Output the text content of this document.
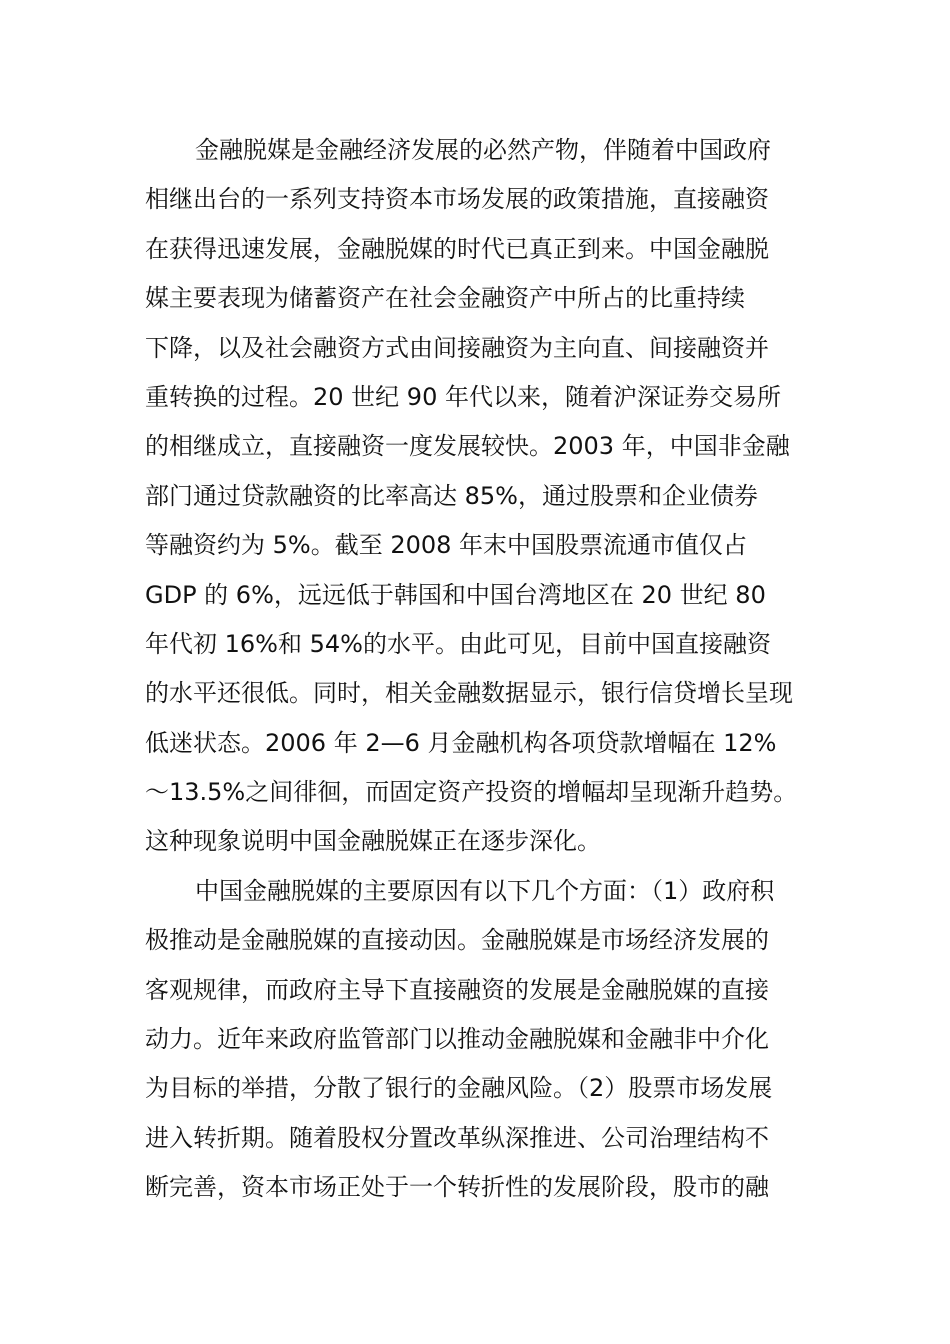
金融脱媒是金融经济发展的必然产物，伴随着中国政府
相继出台的一系列支持资本市场发展的政策措施，直接融资
在获得迅速发展，金融脱媒的时代已真正到来。中国金融脱
媒主要表现为储蓄资产在社会金融资产中所占的比重持续
下降，以及社会融资方式由间接融资为主向直、间接融资并
重转换的过程。20 世纪 90 年代以来，随着沪深证券交易所
的相继成立，直接融资一度发展较快。2003 年，中国非金融
部门通过贷款融资的比率高达 85%，通过股票和企业债券
等融资约为 5%。截至 2008 年末中国股票流通市值仅占
GDP 的 6%，远远低于韩国和中国台湾地区在 20 世纪 80
年代初 16%和 54%的水平。由此可见，目前中国直接融资
的水平还很低。同时，相关金融数据显示，银行信贷增长呈现
低迷状态。2006 年 2—6 月金融机构各项贷款增幅在 12%
～13.5%之间徘徊，而固定资产投资的增幅却呈现渐升趋势。
这种现象说明中国金融脱媒正在逐步深化。
中国金融脱媒的主要原因有以下几个方面：（1）政府积
极推动是金融脱媒的直接动因。金融脱媒是市场经济发展的
客观规律，而政府主导下直接融资的发展是金融脱媒的直接
动力。近年来政府监管部门以推动金融脱媒和金融非中介化
为目标的举措，分散了银行的金融风险。（2）股票市场发展
进入转折期。随着股权分置改革纵深推进、公司治理结构不
断完善，资本市场正处于一个转折性的发展阶段，股市的融
